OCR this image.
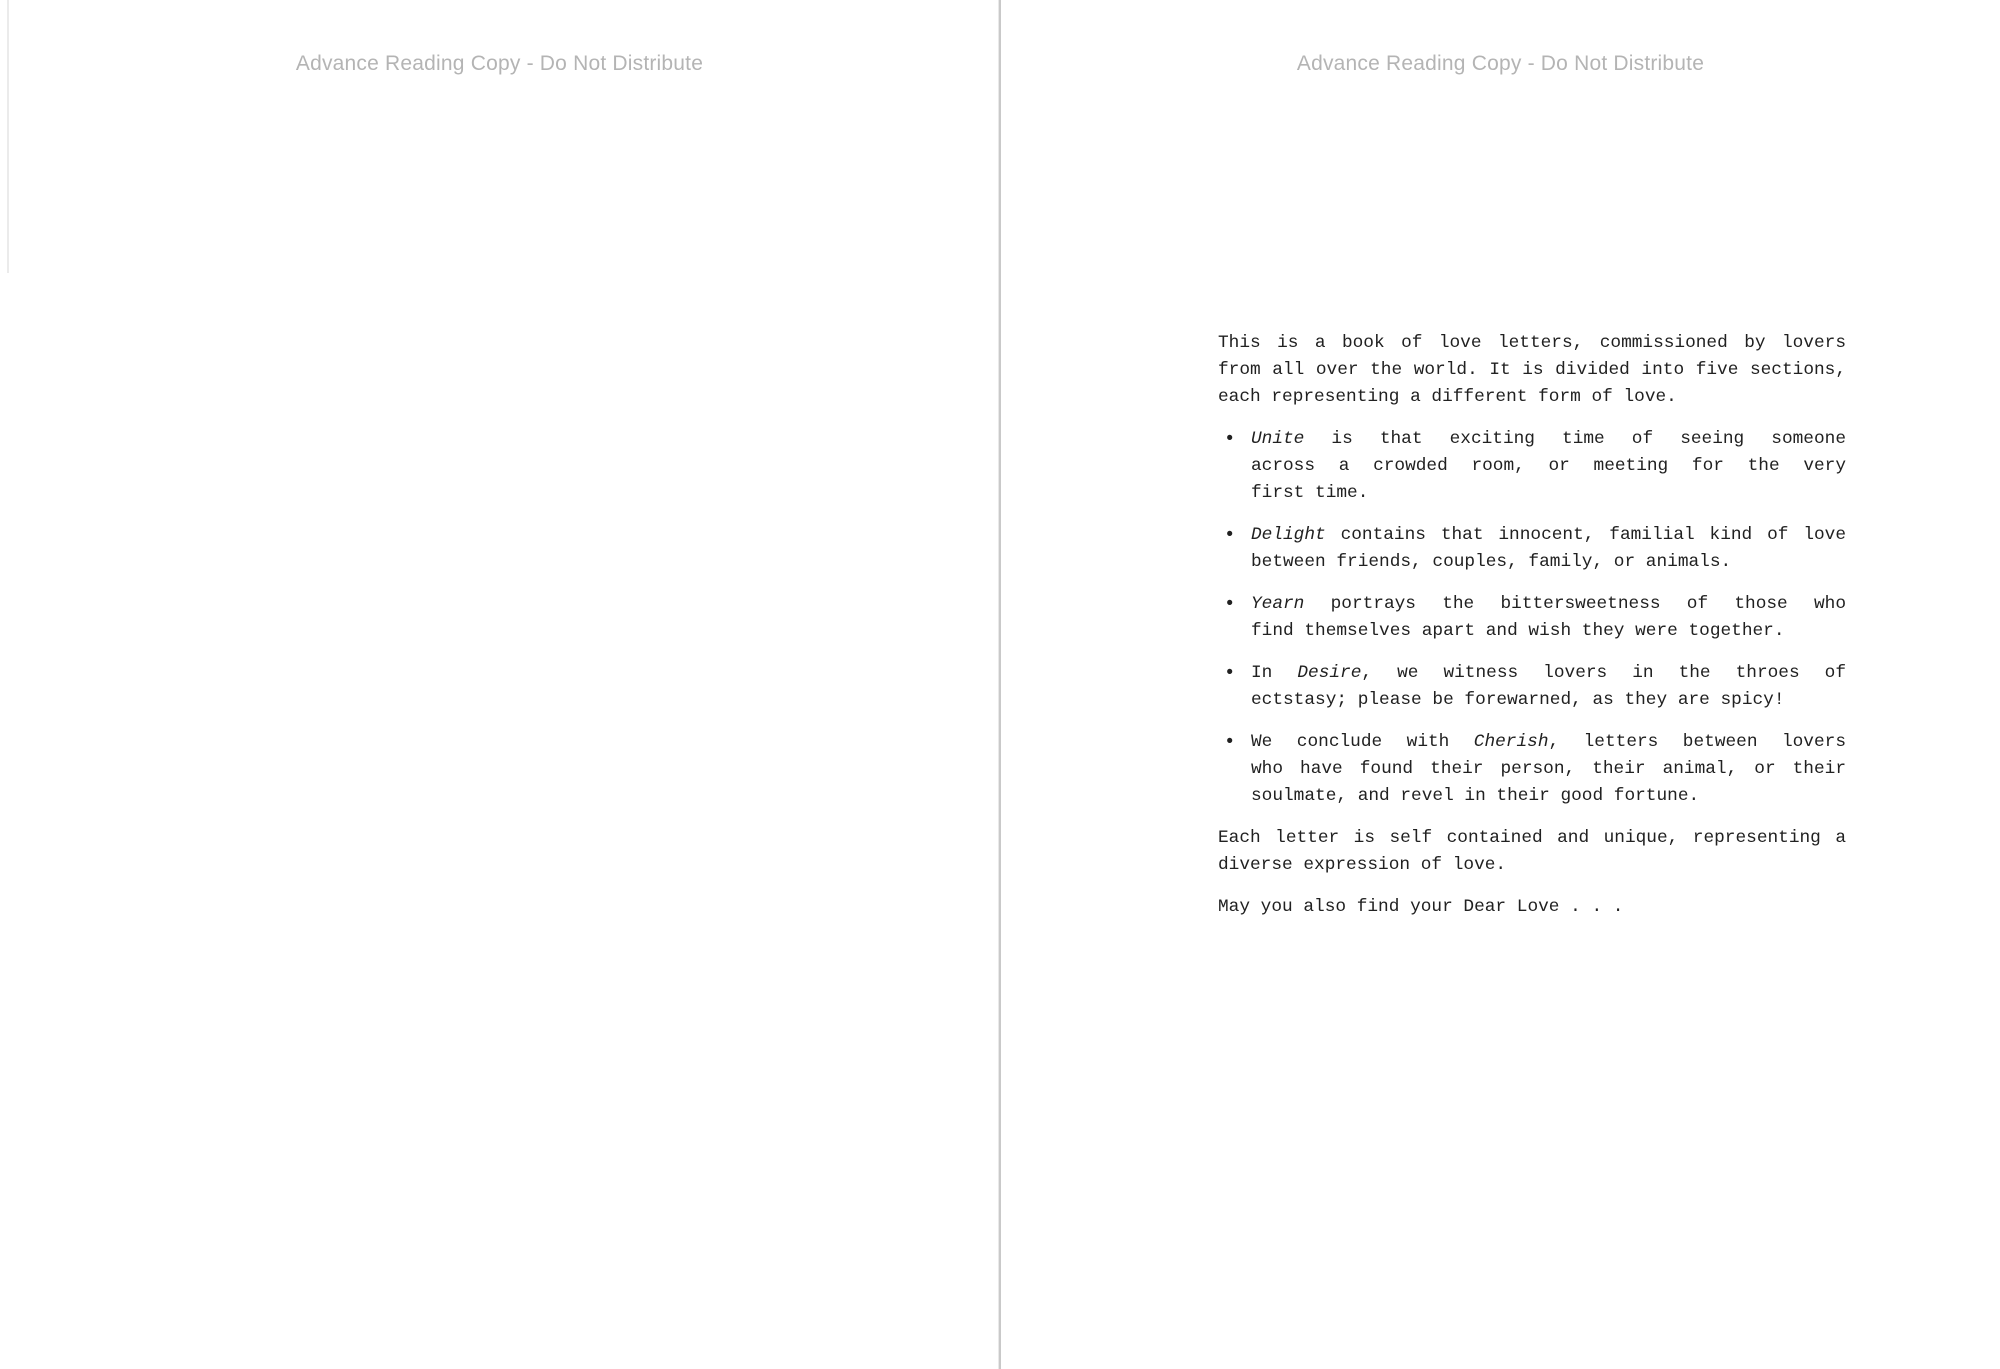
Advance Reading Copy - Do Not Distribute	Advance Reading Copy - Do Not Distribute
This is a book of love letters, commissioned by lovers
from all over the world. It is divided into five sections,
each representing a different form of love.
• Unite is that exciting time of seeing someone
across a crowded room, or meeting for the very
first time.
• Delight contains that innocent, familial kind of love
between friends, couples, family, or animals.
• Yearn portrays the bittersweetness of those who
find themselves apart and wish they were together.
• In Desire, we witness lovers in the throes of
ectstasy; please be forewarned, as they are spicy!
• We conclude with Cherish, letters between lovers
who have found their person, their animal, or their
soulmate, and revel in their good fortune.
Each letter is self contained and unique, representing a
diverse expression of love.
May you also find your Dear Love . . .
